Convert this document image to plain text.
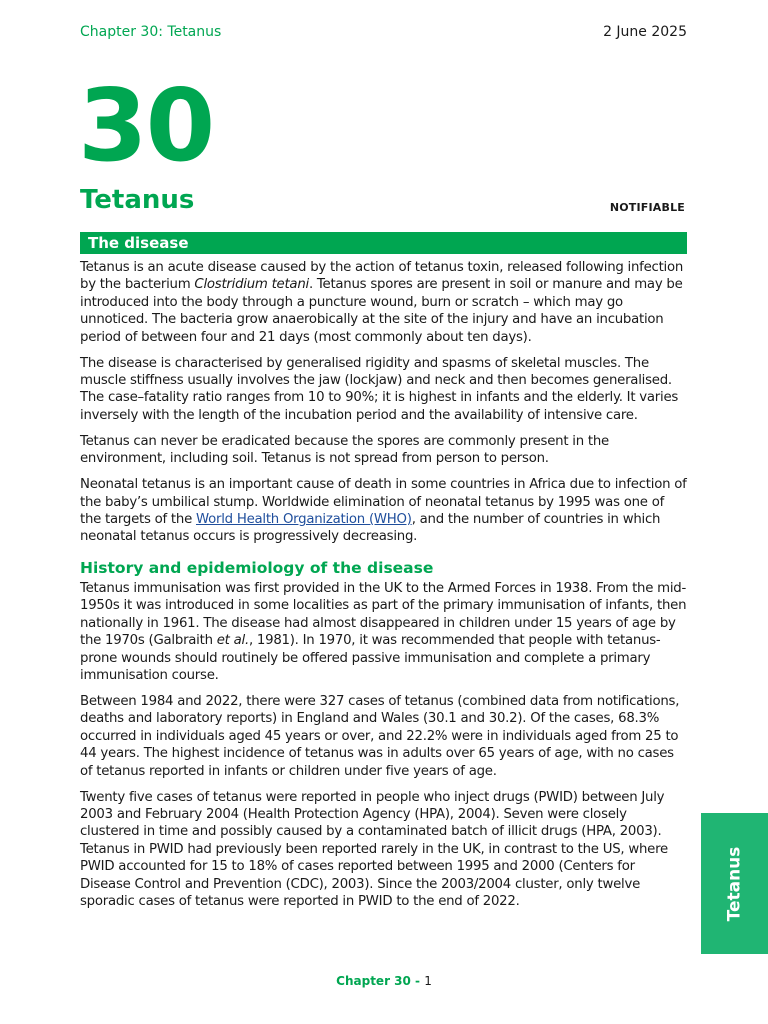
Chapter 30: Tetanus	2 June 2025
30
Tetanus	NOTIFIABLE
The disease

Tetanus is an acute disease caused by the action of tetanus toxin, released following infection by the bacterium Clostridium tetani. Tetanus spores are present in soil or manure and may be introduced into the body through a puncture wound, burn or scratch – which may go unnoticed. The bacteria grow anaerobically at the site of the injury and have an incubation period of between four and 21 days (most commonly about ten days).

The disease is characterised by generalised rigidity and spasms of skeletal muscles. The muscle stiffness usually involves the jaw (lockjaw) and neck and then becomes generalised. The case–fatality ratio ranges from 10 to 90%; it is highest in infants and the elderly. It varies inversely with the length of the incubation period and the availability of intensive care.

Tetanus can never be eradicated because the spores are commonly present in the environment, including soil. Tetanus is not spread from person to person.

Neonatal tetanus is an important cause of death in some countries in Africa due to infection of the baby’s umbilical stump. Worldwide elimination of neonatal tetanus by 1995 was one of the targets of the World Health Organization (WHO), and the number of countries in which neonatal tetanus occurs is progressively decreasing.

History and epidemiology of the disease

Tetanus immunisation was first provided in the UK to the Armed Forces in 1938. From the mid-1950s it was introduced in some localities as part of the primary immunisation of infants, then nationally in 1961. The disease had almost disappeared in children under 15 years of age by the 1970s (Galbraith et al., 1981). In 1970, it was recommended that people with tetanus-prone wounds should routinely be offered passive immunisation and complete a primary immunisation course.

Between 1984 and 2022, there were 327 cases of tetanus (combined data from notifications, deaths and laboratory reports) in England and Wales (30.1 and 30.2). Of the cases, 68.3% occurred in individuals aged 45 years or over, and 22.2% were in individuals aged from 25 to 44 years. The highest incidence of tetanus was in adults over 65 years of age, with no cases of tetanus reported in infants or children under five years of age.

Twenty five cases of tetanus were reported in people who inject drugs (PWID) between July 2003 and February 2004 (Health Protection Agency (HPA), 2004). Seven were closely clustered in time and possibly caused by a contaminated batch of illicit drugs (HPA, 2003). Tetanus in PWID had previously been reported rarely in the UK, in contrast to the US, where PWID accounted for 15 to 18% of cases reported between 1995 and 2000 (Centers for Disease Control and Prevention (CDC), 2003). Since the 2003/2004 cluster, only twelve sporadic cases of tetanus were reported in PWID to the end of 2022.	Tetanus
Chapter 30 - 1
